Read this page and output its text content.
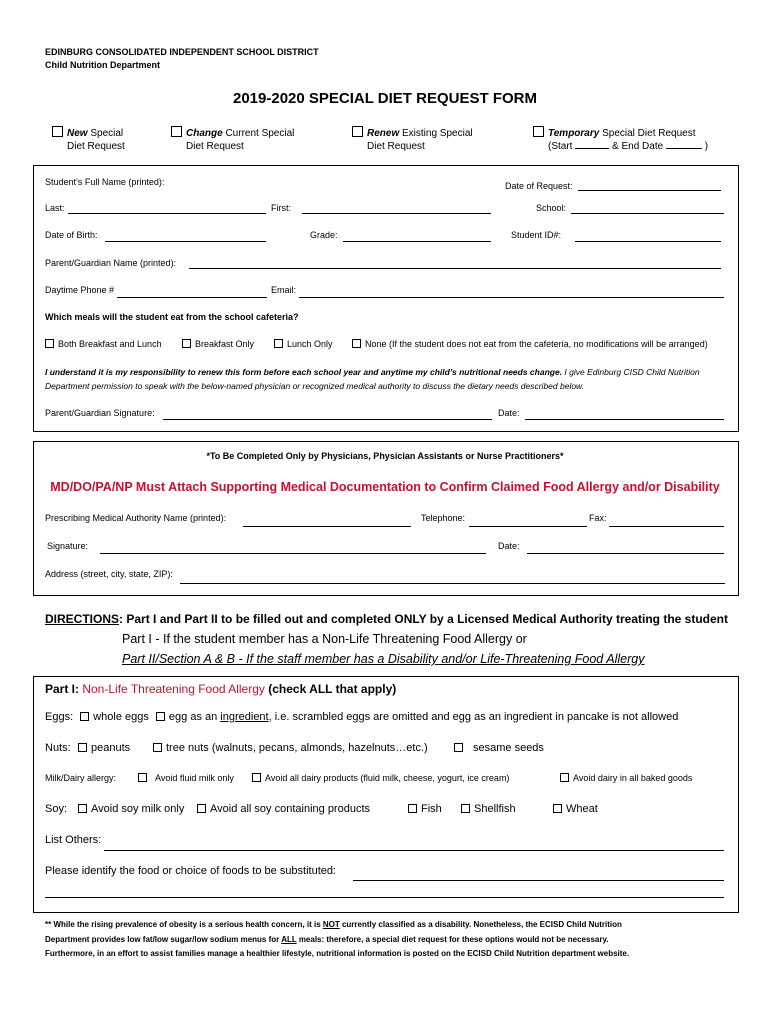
EDINBURG CONSOLIDATED INDEPENDENT SCHOOL DISTRICT
Child Nutrition Department
2019-2020 SPECIAL DIET REQUEST FORM
New Special
Diet Request
Change Current Special
Diet Request
Renew Existing Special
Diet Request
Temporary Special Diet Request
(Start	& End Date	)
Student’s Full Name (printed):	Date of Request:
Last:	First:	School:
Date of Birth:	Grade:	Student ID#:
Parent/Guardian Name (printed):
Daytime Phone #	Email:
Which meals will the student eat from the school cafeteria?
Both Breakfast and Lunch	Breakfast Only	Lunch Only	None (If the student does not eat from the cafeteria, no modifications will be arranged)
I understand it is my responsibility to renew this form before each school year and anytime my child’s nutritional needs change. I give Edinburg CISD Child Nutrition
Department permission to speak with the below-named physician or recognized medical authority to discuss the dietary needs described below.
Parent/Guardian Signature:	Date:
*To Be Completed Only by Physicians, Physician Assistants or Nurse Practitioners*
MD/DO/PA/NP Must Attach Supporting Medical Documentation to Confirm Claimed Food Allergy and/or Disability
Prescribing Medical Authority Name (printed):	Telephone:	Fax:
Signature:	Date:
Address (street, city, state, ZIP):
DIRECTIONS: Part I and Part II to be filled out and completed ONLY by a Licensed Medical Authority treating the student
Part I - If the student member has a Non-Life Threatening Food Allergy or
Part II/Section A & B - If the staff member has a Disability and/or Life-Threatening Food Allergy
Part I: Non-Life Threatening Food Allergy (check ALL that apply)
Eggs: whole eggs egg as an ingredient, i.e. scrambled eggs are omitted and egg as an ingredient in pancake is not allowed
Nuts:	peanuts	tree nuts (walnuts, pecans, almonds, hazelnuts…etc.)	sesame seeds
Milk/Dairy allergy:	Avoid fluid milk only	Avoid all dairy products (fluid milk, cheese, yogurt, ice cream)	Avoid dairy in all baked goods
Soy:	Avoid soy milk only	Avoid all soy containing products	Fish	Shellfish	Wheat
List Others:
Please identify the food or choice of foods to be substituted:
** While the rising prevalence of obesity is a serious health concern, it is NOT currently classified as a disability. Nonetheless, the ECISD Child Nutrition
Department provides low fat/low sugar/low sodium menus for ALL meals: therefore, a special diet request for these options would not be necessary.
Furthermore, in an effort to assist families manage a healthier lifestyle, nutritional information is posted on the ECISD Child Nutrition department website.
